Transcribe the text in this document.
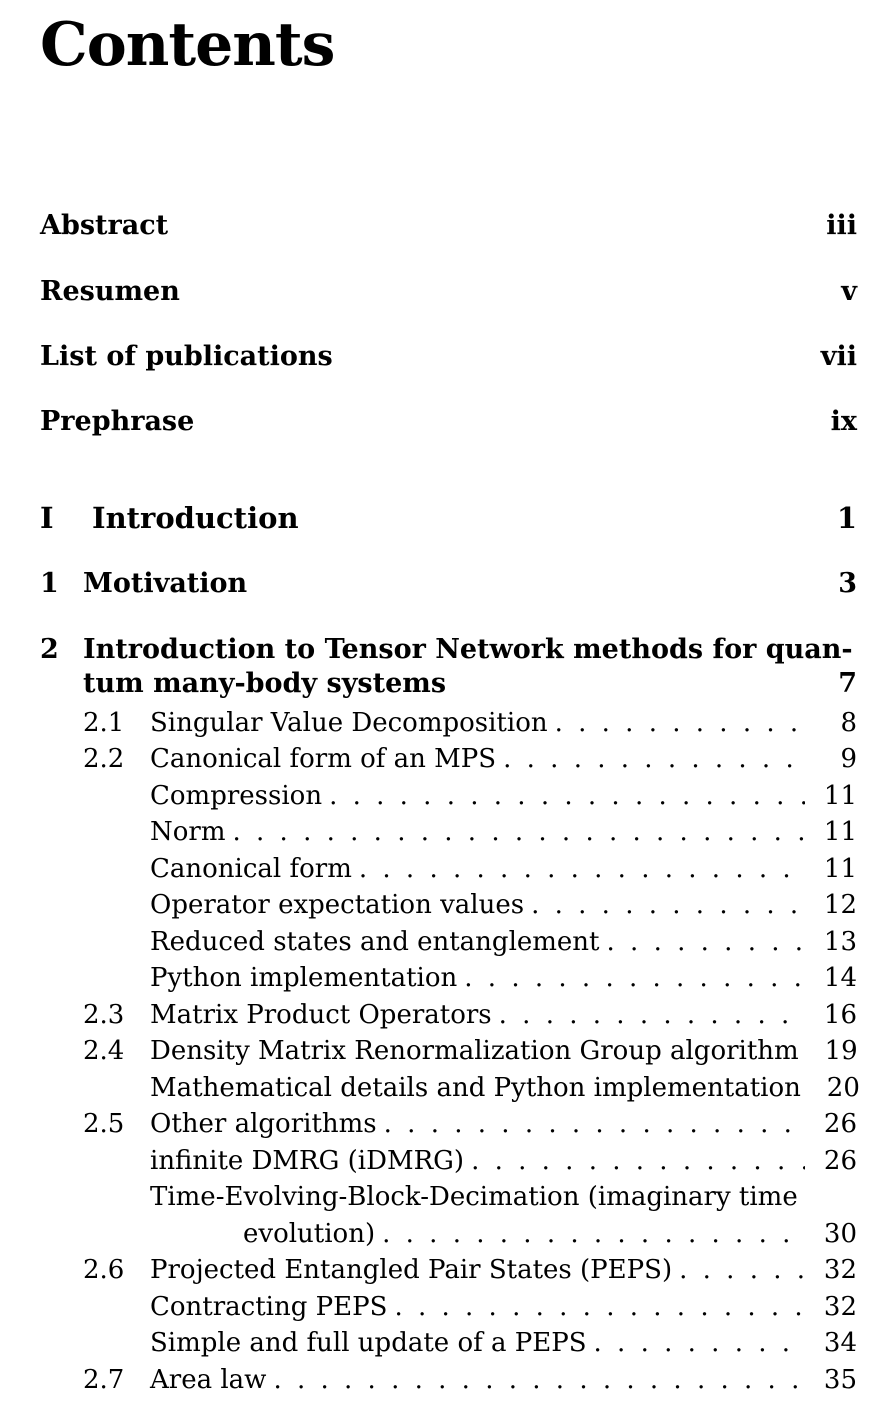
Contents
Abstract	iii
Resumen	v
List of publications	vii
Prephrase	ix
I	Introduction	1
1 Motivation	3
2 Introduction to Tensor Network methods for quan-
tum many-body systems	7
2.1 Singular Value Decomposition . . .	8
2.2 Canonical form of an MPS . . .	9
Compression . . .	11
Norm . . .	11
Canonical form . . .	11
Operator expectation values . . .	12
Reduced states and entanglement . . .	13
Python implementation . . .	14
2.3 Matrix Product Operators . . .	16
2.4 Density Matrix Renormalization Group algorithm 19
Mathematical details and Python implementation 20
2.5 Other algorithms . . .	26
infinite DMRG (iDMRG) . . .	26
Time-Evolving-Block-Decimation (imaginary time
evolution) . . .	30
2.6 Projected Entangled Pair States (PEPS) . . .	32
Contracting PEPS . . .	32
Simple and full update of a PEPS . . .	34
2.7 Area law . . .	35
